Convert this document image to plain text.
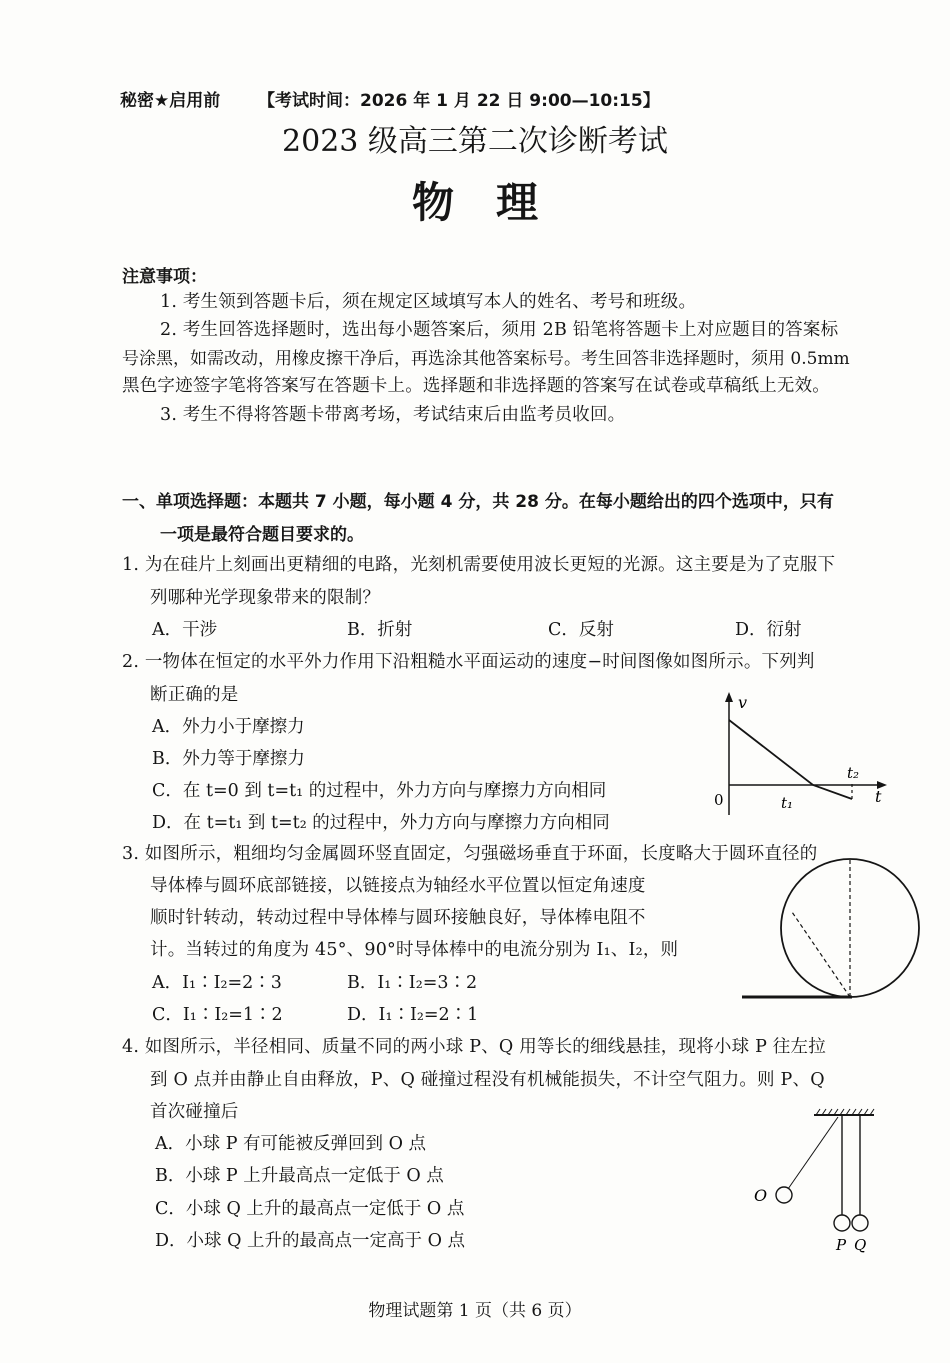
秘密★启用前 【考试时间：2026 年 1 月 22 日 9:00—10:15】
2023 级高三第二次诊断考试
物　理
注意事项：
1. 考生领到答题卡后，须在规定区域填写本人的姓名、考号和班级。
2. 考生回答选择题时，选出每小题答案后，须用 2B 铅笔将答题卡上对应题目的答案标
号涂黑，如需改动，用橡皮擦干净后，再选涂其他答案标号。考生回答非选择题时，须用 0.5mm
黑色字迹签字笔将答案写在答题卡上。选择题和非选择题的答案写在试卷或草稿纸上无效。
3. 考生不得将答题卡带离考场，考试结束后由监考员收回。
一、单项选择题：本题共 7 小题，每小题 4 分，共 28 分。在每小题给出的四个选项中，只有
一项是最符合题目要求的。
1. 为在硅片上刻画出更精细的电路，光刻机需要使用波长更短的光源。这主要是为了克服下
列哪种光学现象带来的限制？
A．干涉	B．折射	C．反射	D．衍射
2. 一物体在恒定的水平外力作用下沿粗糙水平面运动的速度−时间图像如图所示。下列判
断正确的是
A．外力小于摩擦力
B．外力等于摩擦力
C．在 t=0 到 t=t₁ 的过程中，外力方向与摩擦力方向相同
D．在 t=t₁ 到 t=t₂ 的过程中，外力方向与摩擦力方向相同
v
0	t₁
t₂
t
3. 如图所示，粗细均匀金属圆环竖直固定，匀强磁场垂直于环面，长度略大于圆环直径的
导体棒与圆环底部链接，以链接点为轴经水平位置以恒定角速度
顺时针转动，转动过程中导体棒与圆环接触良好，导体棒电阻不
计。当转过的角度为 45°、90°时导体棒中的电流分别为 I₁、I₂，则
A．I₁∶I₂=2∶3	B．I₁∶I₂=3∶2
C．I₁∶I₂=1∶2	D．I₁∶I₂=2∶1
4. 如图所示，半径相同、质量不同的两小球 P、Q 用等长的细线悬挂，现将小球 P 往左拉
到 O 点并由静止自由释放，P、Q 碰撞过程没有机械能损失，不计空气阻力。则 P、Q
首次碰撞后
A．小球 P 有可能被反弹回到 O 点
B．小球 P 上升最高点一定低于 O 点
C．小球 Q 上升的最高点一定低于 O 点
D．小球 Q 上升的最高点一定高于 O 点
O
P Q
物理试题第 1 页（共 6 页）
